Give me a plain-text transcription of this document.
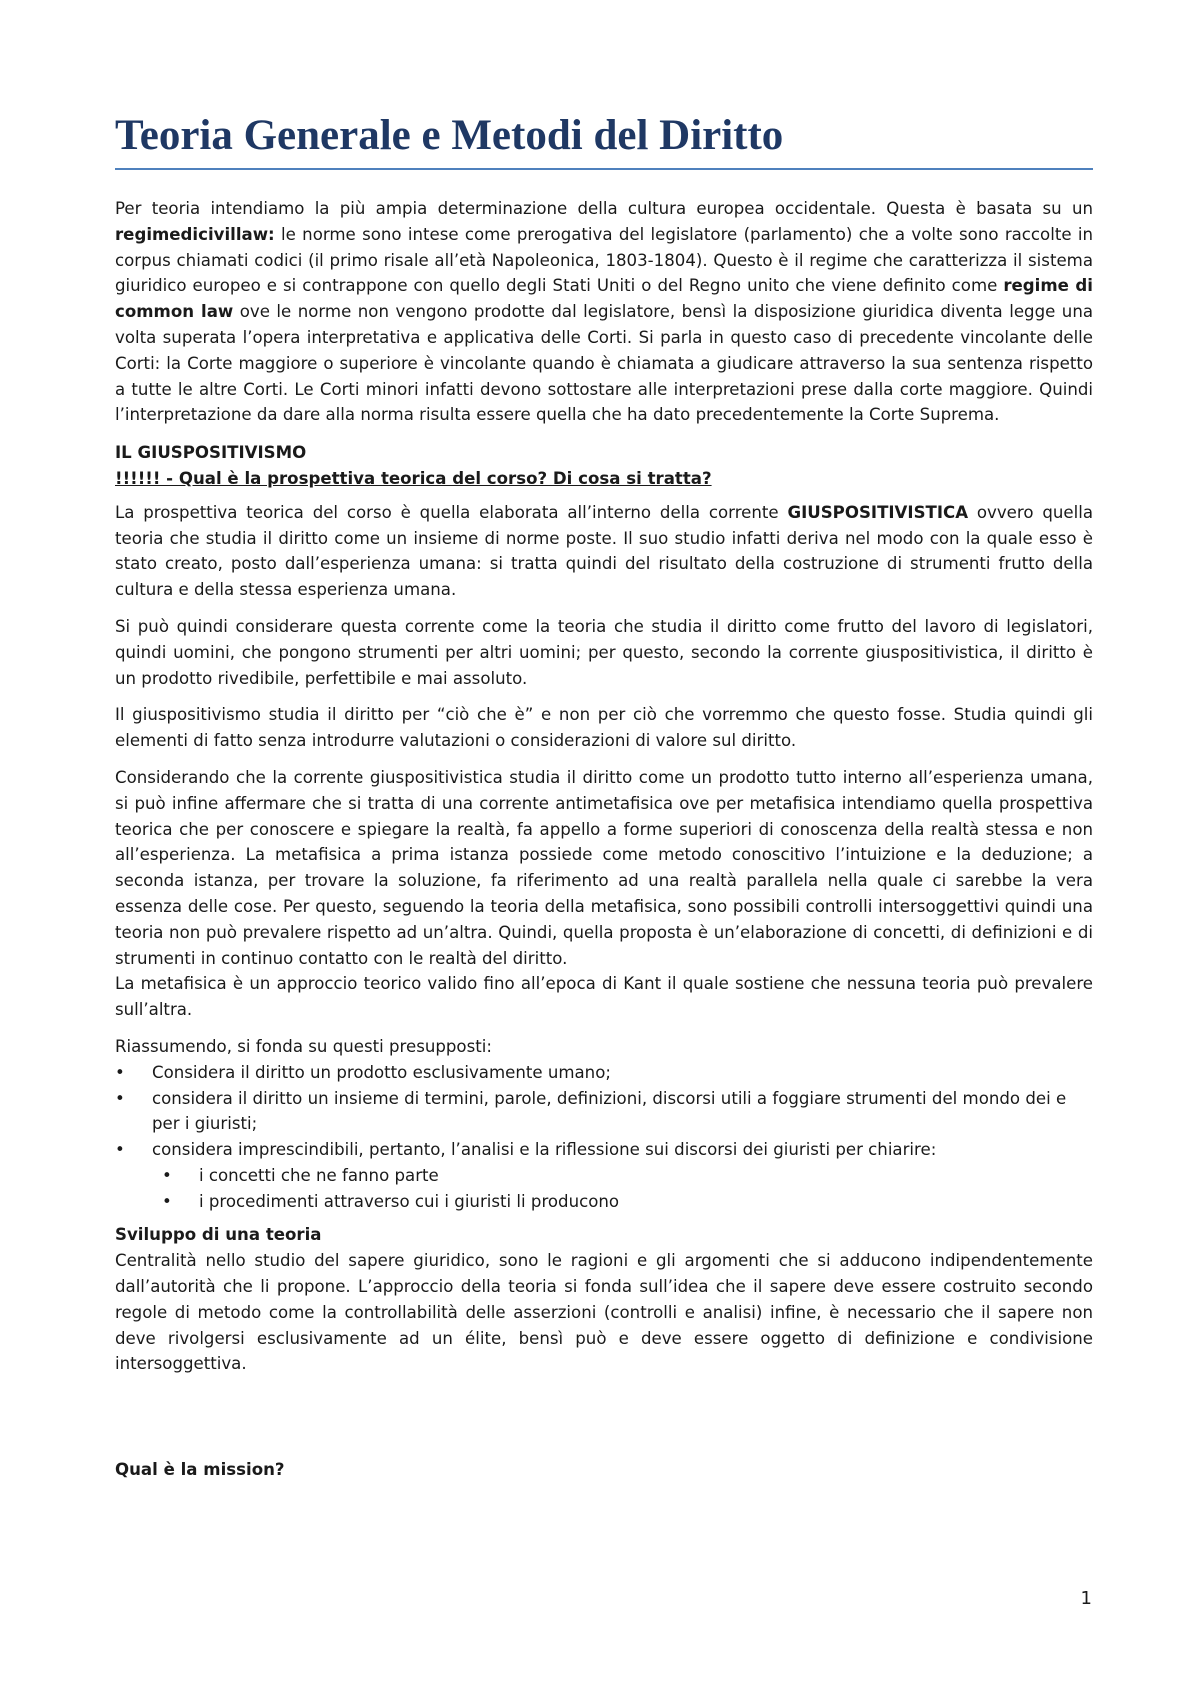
Teoria Generale e Metodi del Diritto

Per teoria intendiamo la più ampia determinazione della cultura europea occidentale. Questa è basata su un regimedicivillaw: le norme sono intese come prerogativa del legislatore (parlamento) che a volte sono raccolte in corpus chiamati codici (il primo risale all’età Napoleonica, 1803-1804). Questo è il regime che caratterizza il sistema giuridico europeo e si contrappone con quello degli Stati Uniti o del Regno unito che viene definito come regime di common law ove le norme non vengono prodotte dal legislatore, bensì la disposizione giuridica diventa legge una volta superata l’opera interpretativa e applicativa delle Corti. Si parla in questo caso di precedente vincolante delle Corti: la Corte maggiore o superiore è vincolante quando è chiamata a giudicare attraverso la sua sentenza rispetto a tutte le altre Corti. Le Corti minori infatti devono sottostare alle interpretazioni prese dalla corte maggiore. Quindi l’interpretazione da dare alla norma risulta essere quella che ha dato precedentemente la Corte Suprema.

IL GIUSPOSITIVISMO
!!!!!! - Qual è la prospettiva teorica del corso? Di cosa si tratta?

La prospettiva teorica del corso è quella elaborata all’interno della corrente GIUSPOSITIVISTICA ovvero quella teoria che studia il diritto come un insieme di norme poste. Il suo studio infatti deriva nel modo con la quale esso è stato creato, posto dall’esperienza umana: si tratta quindi del risultato della costruzione di strumenti frutto della cultura e della stessa esperienza umana.

Si può quindi considerare questa corrente come la teoria che studia il diritto come frutto del lavoro di legislatori, quindi uomini, che pongono strumenti per altri uomini; per questo, secondo la corrente giuspositivistica, il diritto è un prodotto rivedibile, perfettibile e mai assoluto.

Il giuspositivismo studia il diritto per “ciò che è” e non per ciò che vorremmo che questo fosse. Studia quindi gli elementi di fatto senza introdurre valutazioni o considerazioni di valore sul diritto.

Considerando che la corrente giuspositivistica studia il diritto come un prodotto tutto interno all’esperienza umana, si può infine affermare che si tratta di una corrente antimetafisica ove per metafisica intendiamo quella prospettiva teorica che per conoscere e spiegare la realtà, fa appello a forme superiori di conoscenza della realtà stessa e non all’esperienza. La metafisica a prima istanza possiede come metodo conoscitivo l’intuizione e la deduzione; a seconda istanza, per trovare la soluzione, fa riferimento ad una realtà parallela nella quale ci sarebbe la vera essenza delle cose. Per questo, seguendo la teoria della metafisica, sono possibili controlli intersoggettivi quindi una teoria non può prevalere rispetto ad un’altra. Quindi, quella proposta è un’elaborazione di concetti, di definizioni e di strumenti in continuo contatto con le realtà del diritto.

La metafisica è un approccio teorico valido fino all’epoca di Kant il quale sostiene che nessuna teoria può prevalere sull’altra.

Riassumendo, si fonda su questi presupposti:

• Considera il diritto un prodotto esclusivamente umano;
• considera il diritto un insieme di termini, parole, definizioni, discorsi utili a foggiare strumenti del mondo dei e per i giuristi;
• considera imprescindibili, pertanto, l’analisi e la riflessione sui discorsi dei giuristi per chiarire:
• i concetti che ne fanno parte
• i procedimenti attraverso cui i giuristi li producono
Sviluppo di una teoria

Centralità nello studio del sapere giuridico, sono le ragioni e gli argomenti che si adducono indipendentemente dall’autorità che li propone. L’approccio della teoria si fonda sull’idea che il sapere deve essere costruito secondo regole di metodo come la controllabilità delle asserzioni (controlli e analisi) infine, è necessario che il sapere non deve rivolgersi esclusivamente ad un élite, bensì può e deve essere oggetto di definizione e condivisione intersoggettiva.

Qual è la mission?
1
